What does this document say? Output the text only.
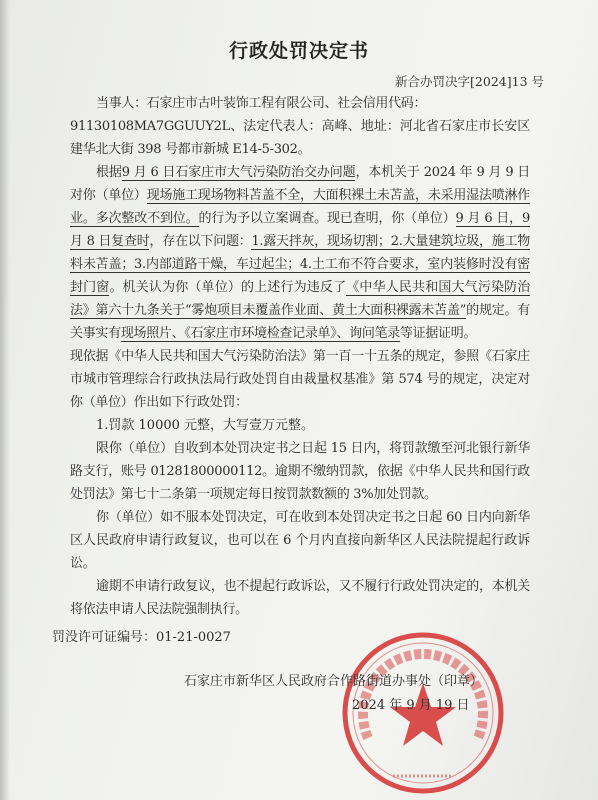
行政处罚决定书
新合办罚决字[2024]13 号

当事人：石家庄市古叶装饰工程有限公司、社会信用代码：

91130108MA7GGUUY2L、法定代表人：高峰、地址：河北省石家庄市长安区建华北大街 398 号都市新城 E14-5-302。

根据9 月 6 日石家庄市大气污染防治交办问题，本机关于 2024 年 9 月 9 日对你（单位）现场施工现场物料苫盖不全，大面积裸土未苫盖，未采用湿法喷淋作业。多次整改不到位。的行为予以立案调查。现已查明，你（单位）9 月 6 日，9 月 8 日复查时，存在以下问题：1.露天拌灰，现场切割；2.大量建筑垃圾，施工物料未苫盖；3.内部道路干燥，车过起尘；4.土工布不符合要求，室内装修时没有密封门窗。机关认为你（单位）的上述行为违反了《中华人民共和国大气污染防治法》第六十九条关于“雾炮项目未覆盖作业面、黄土大面积裸露未苫盖”的规定。有关事实有现场照片、《石家庄市环境检查记录单》、询问笔录等证据证明。

现依据《中华人民共和国大气污染防治法》第一百一十五条的规定，参照《石家庄市城市管理综合行政执法局行政处罚自由裁量权基准》第 574 号的规定，决定对你（单位）作出如下行政处罚：

1.罚款 10000 元整，大写壹万元整。

限你（单位）自收到本处罚决定书之日起 15 日内，将罚款缴至河北银行新华路支行，账号 01281800000112。逾期不缴纳罚款，依据《中华人民共和国行政处罚法》第七十二条第一项规定每日按罚款数额的 3%加处罚款。

你（单位）如不服本处罚决定，可在收到本处罚决定书之日起 60 日内向新华区人民政府申请行政复议，也可以在 6 个月内直接向新华区人民法院提起行政诉讼。

逾期不申请行政复议，也不提起行政诉讼，又不履行行政处罚决定的，本机关将依法申请人民法院强制执行。

罚没许可证编号：01-21-0027
石家庄市新华区人民政府合作路街道办事处（印章）
2024 年 9 月 19 日
